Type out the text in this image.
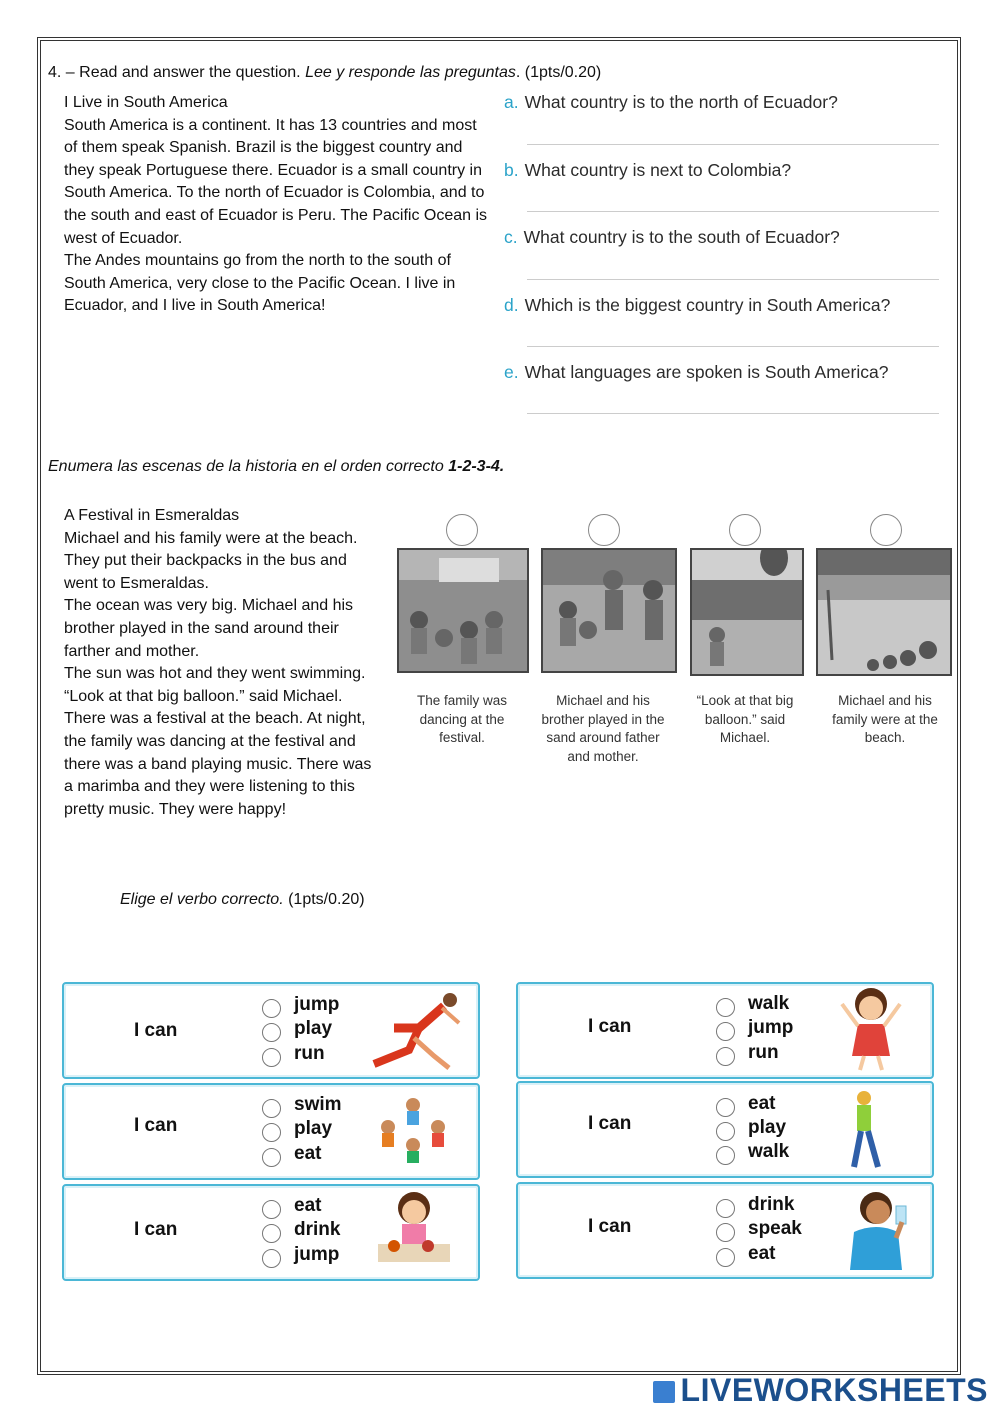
4. – Read and answer the question. Lee y responde las preguntas. (1pts/0.20)

I Live in South America

South America is a continent. It has 13 countries and most of them speak Spanish. Brazil is the biggest country and they speak Portuguese there. Ecuador is a small country in South America. To the north of Ecuador is Colombia, and to the south and east of Ecuador is Peru. The Pacific Ocean is west of Ecuador.

The Andes mountains go from the north to the south of South America, very close to the Pacific Ocean. I live in Ecuador, and I live in South America!

a. What country is to the north of Ecuador?
b. What country is next to Colombia?
c. What country is to the south of Ecuador?
d. Which is the biggest country in South America?
e. What languages are spoken is South America?
Enumera las escenas de la historia en el orden correcto 1-2-3-4.

A Festival in Esmeraldas

Michael and his family were at the beach. They put their backpacks in the bus and went to Esmeraldas.

The ocean was very big. Michael and his brother played in the sand around their farther and mother.

The sun was hot and they went swimming. “Look at that big balloon.” said Michael. There was a festival at the beach. At night, the family was dancing at the festival and there was a band playing music. There was a marimba and they were listening to this pretty music. They were happy!

The family was dancing at the festival.
Michael and his brother played in the sand around father and mother.
“Look at that big balloon.” said Michael.
Michael and his family were at the beach.
Elige el verbo correcto. (1pts/0.20)
I can
jump
play
run
I can
walk
jump
run
I can
swim
play
eat
I can
eat
play
walk
I can
eat
drink
jump
I can
drink
speak
eat
LIVEWORKSHEETS
